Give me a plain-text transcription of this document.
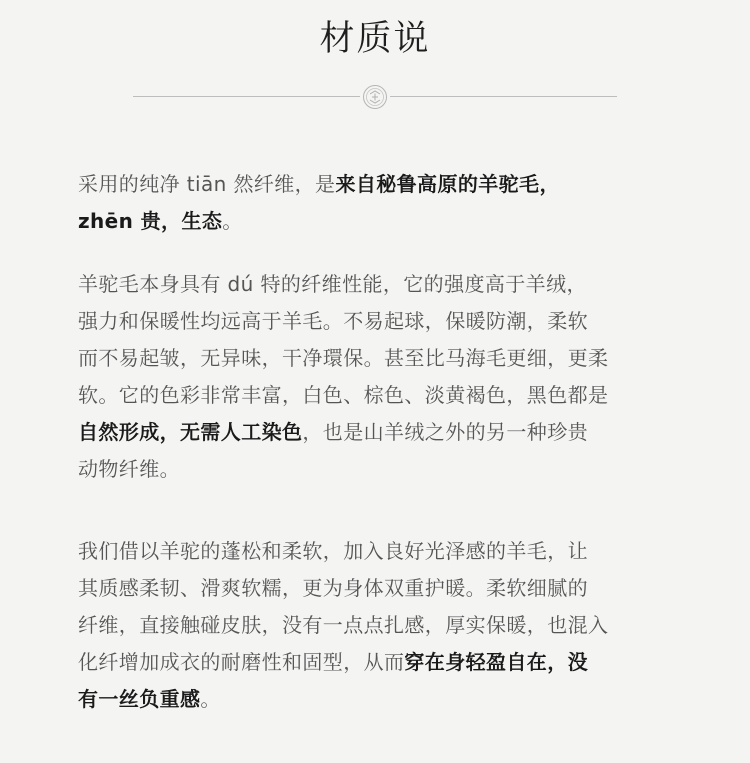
材质说
采用的纯净 tiān 然纤维，是来自秘鲁高原的羊驼毛，
zhēn 贵，生态。
羊驼毛本身具有 dú 特的纤维性能，它的强度高于羊绒，
强力和保暖性均远高于羊毛。不易起球，保暖防潮，柔软
而不易起皱，无异味，干净環保。甚至比马海毛更细，更柔
软。它的色彩非常丰富，白色、棕色、淡黄褐色，黑色都是
自然形成，无需人工染色，也是山羊绒之外的另一种珍贵
动物纤维。
我们借以羊驼的蓬松和柔软，加入良好光泽感的羊毛，让
其质感柔韧、滑爽软糯，更为身体双重护暖。柔软细腻的
纤维，直接触碰皮肤，没有一点点扎感，厚实保暖，也混入
化纤增加成衣的耐磨性和固型，从而穿在身轻盈自在，没
有一丝负重感。
